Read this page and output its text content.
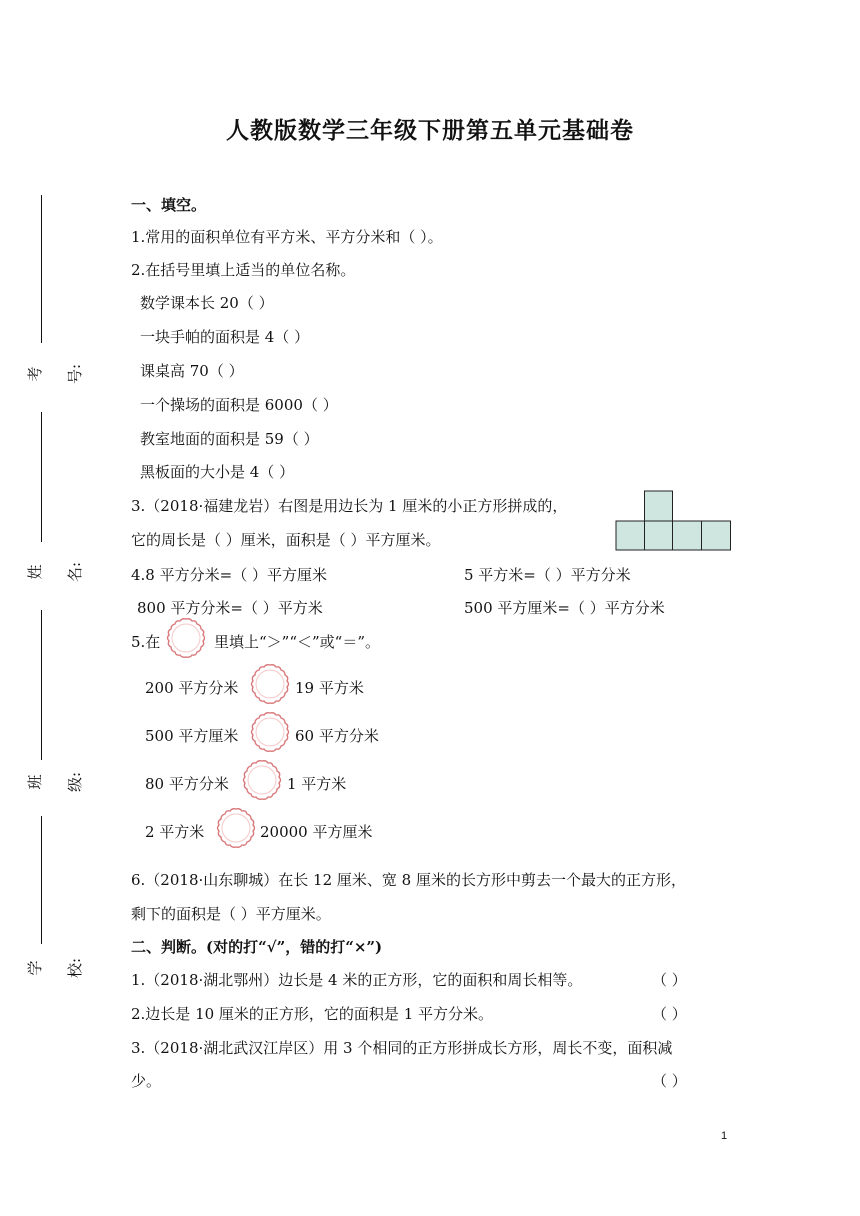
人教版数学三年级下册第五单元基础卷
考号:
姓名:
班级:
学校:
一、填空。
1.常用的面积单位有平方米、平方分米和（ ）。
2.在括号里填上适当的单位名称。
数学课本长 20（ ）
一块手帕的面积是 4（ ）
课桌高 70（ ）
一个操场的面积是 6000（ ）
教室地面的面积是 59（ ）
黑板面的大小是 4（ ）
3.（2018·福建龙岩）右图是用边长为 1 厘米的小正方形拼成的，
它的周长是（ ）厘米，面积是（ ）平方厘米。
4.8 平方分米=（ ）平方厘米	5 平方米=（ ）平方分米
800 平方分米=（ ）平方米	500 平方厘米=（ ）平方分米
5.在	里填上“＞”“＜”或“＝”。
200 平方分米	19 平方米
500 平方厘米	60 平方分米
80 平方分米	1 平方米
2 平方米	20000 平方厘米
6.（2018·山东聊城）在长 12 厘米、宽 8 厘米的长方形中剪去一个最大的正方形，
剩下的面积是（ ）平方厘米。
二、判断。(对的打“√”，错的打“×”)
1.（2018·湖北鄂州）边长是 4 米的正方形，它的面积和周长相等。	（ ）
2.边长是 10 厘米的正方形，它的面积是 1 平方分米。	（ ）
3.（2018·湖北武汉江岸区）用 3 个相同的正方形拼成长方形，周长不变，面积减
少。	（ ）
1
